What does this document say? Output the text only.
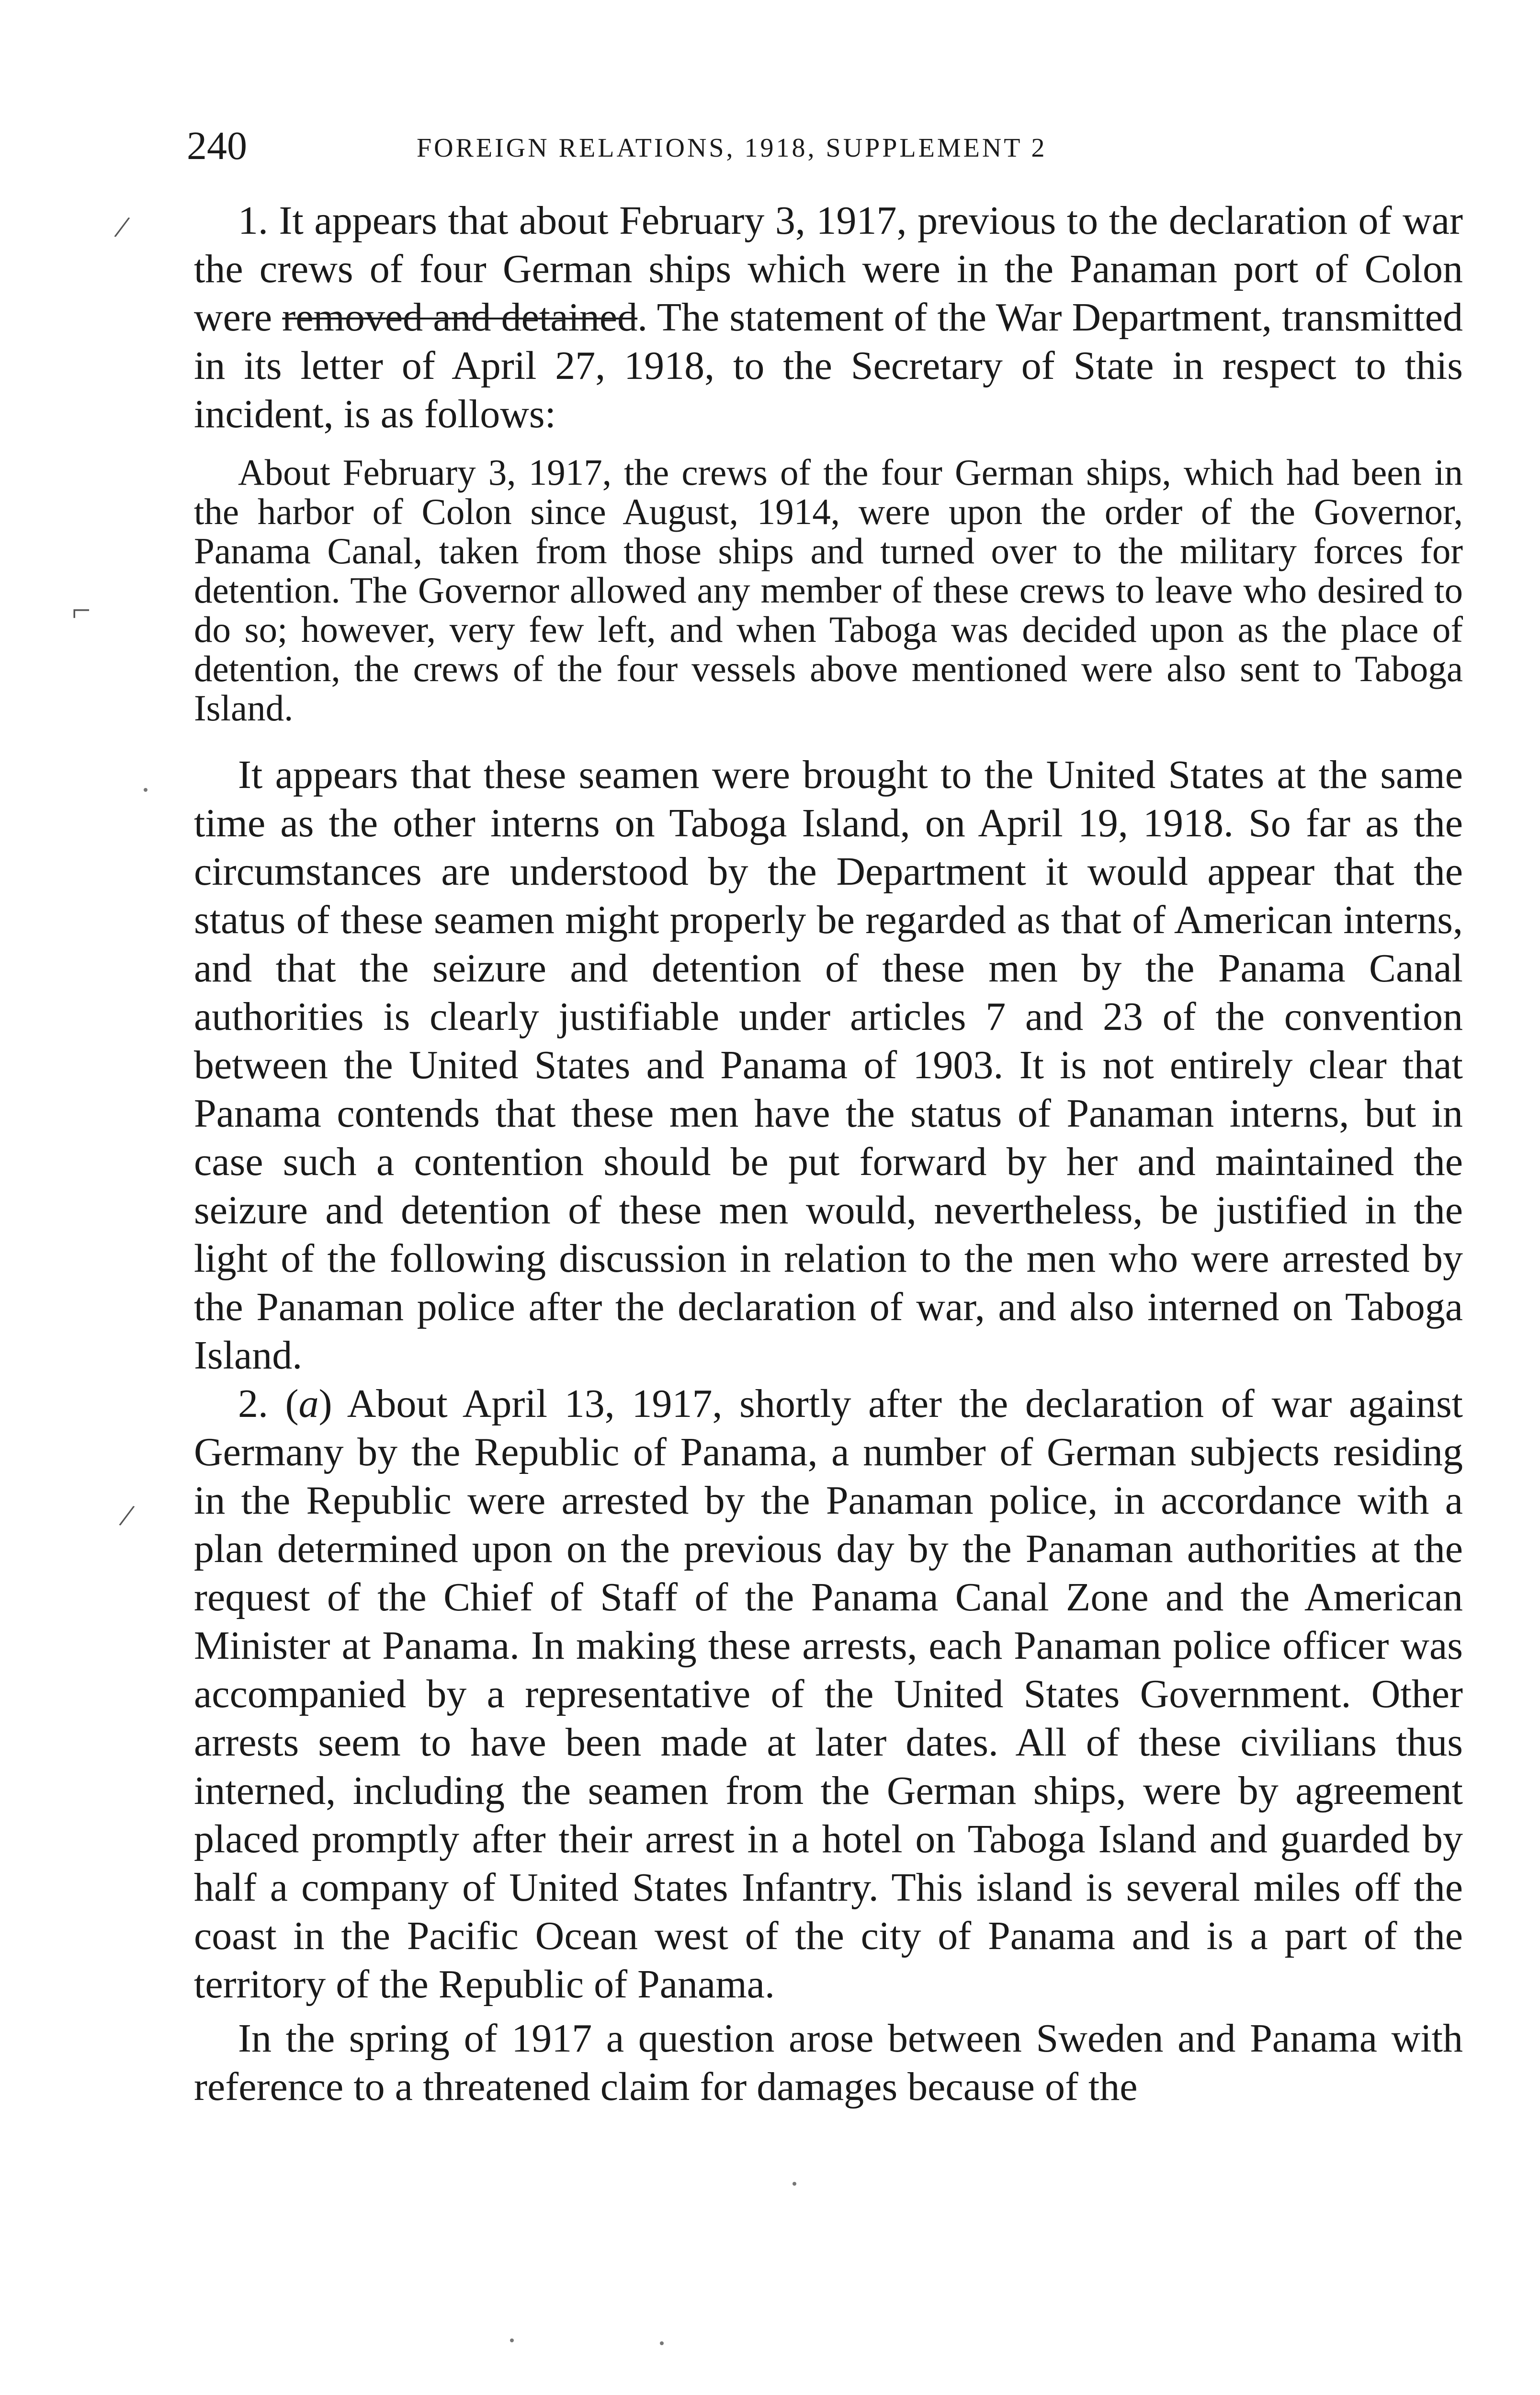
240	FOREIGN RELATIONS, 1918, SUPPLEMENT 2
/
⌐
/

1. It appears that about February 3, 1917, previous to the declaration of war the crews of four German ships which were in the Panaman port of Colon were removed and detained. The statement of the War Department, transmitted in its letter of April 27, 1918, to the Secretary of State in respect to this incident, is as follows:

About February 3, 1917, the crews of the four German ships, which had been in the harbor of Colon since August, 1914, were upon the order of the Governor, Panama Canal, taken from those ships and turned over to the military forces for detention. The Governor allowed any member of these crews to leave who desired to do so; however, very few left, and when Taboga was decided upon as the place of detention, the crews of the four vessels above mentioned were also sent to Taboga Island.

It appears that these seamen were brought to the United States at the same time as the other interns on Taboga Island, on April 19, 1918. So far as the circumstances are understood by the Department it would appear that the status of these seamen might properly be regarded as that of American interns, and that the seizure and detention of these men by the Panama Canal authorities is clearly justifiable under articles 7 and 23 of the convention between the United States and Panama of 1903. It is not entirely clear that Panama contends that these men have the status of Panaman interns, but in case such a contention should be put forward by her and maintained the seizure and detention of these men would, nevertheless, be justified in the light of the following discussion in relation to the men who were arrested by the Panaman police after the declaration of war, and also interned on Taboga Island.

2. (a) About April 13, 1917, shortly after the declaration of war against Germany by the Republic of Panama, a number of German subjects residing in the Republic were arrested by the Panaman police, in accordance with a plan determined upon on the previous day by the Panaman authorities at the request of the Chief of Staff of the Panama Canal Zone and the American Minister at Panama. In making these arrests, each Panaman police officer was accompanied by a representative of the United States Government. Other arrests seem to have been made at later dates. All of these civilians thus interned, including the seamen from the German ships, were by agreement placed promptly after their arrest in a hotel on Taboga Island and guarded by half a company of United States Infantry. This island is several miles off the coast in the Pacific Ocean west of the city of Panama and is a part of the territory of the Republic of Panama.

In the spring of 1917 a question arose between Sweden and Panama with reference to a threatened claim for damages because of the
